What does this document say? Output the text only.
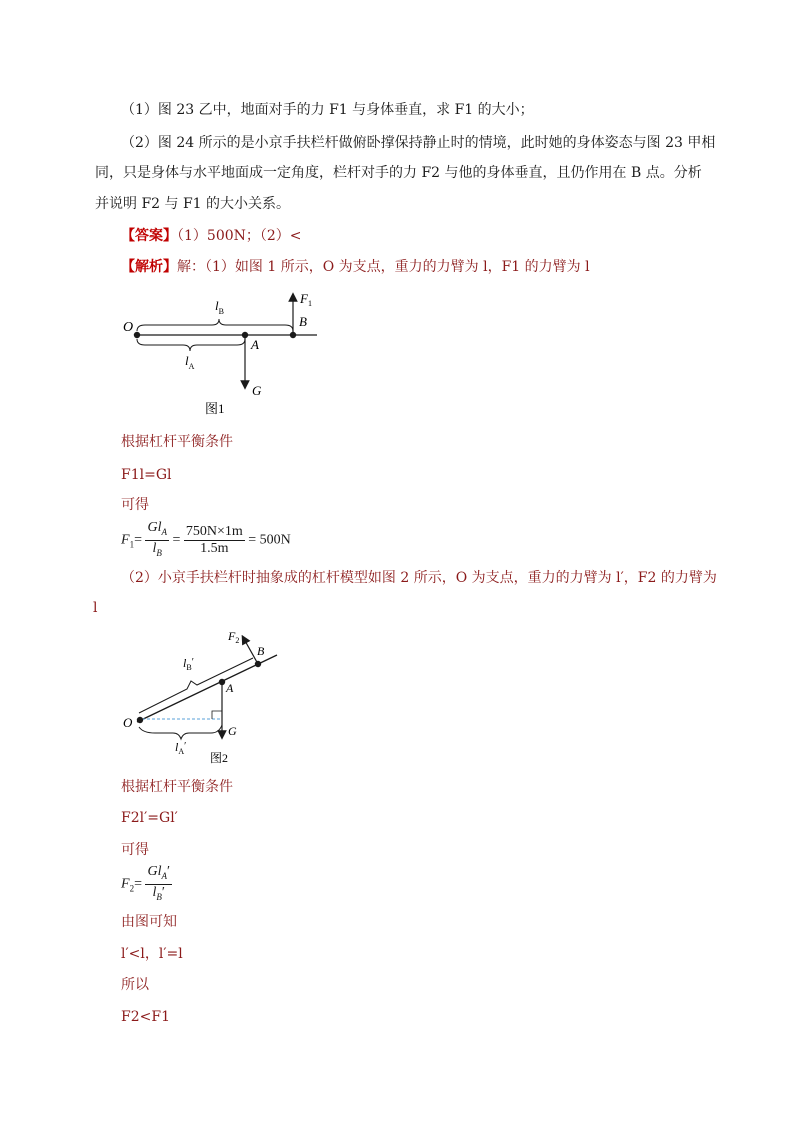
（1）图 23 乙中，地面对手的力 F1 与身体垂直，求 F1 的大小；
（2）图 24 所示的是小京手扶栏杆做俯卧撑保持静止时的情境，此时她的身体姿态与图 23 甲相
同，只是身体与水平地面成一定角度，栏杆对手的力 F2 与他的身体垂直，且仍作用在 B 点。分析
并说明 F2 与 F1 的大小关系。
【答案】（1）500N；（2）<
【解析】解：（1）如图 1 所示，O 为支点，重力的力臂为 l，F1 的力臂为 l
O
A
B
G
$F_1$
$l_B$
$l_A$
图1
根据杠杆平衡条件
F1l=Gl
可得
$F_1= \frac{Gl_A}{l_B} = \frac{750N\times 1m}{1.5m} = 500N$
（2）小京手扶栏杆时抽象成的杠杆模型如图 2 所示，O 为支点，重力的力臂为 l′，F2 的力臂为
l
O
A
B
G
$F_2$
$l_B'$
$l_A'$
图2
根据杠杆平衡条件
F2l′=Gl′
可得
$F_2= \frac{Gl_A'}{l_B'}$
由图可知
l′<l，l′=l
所以
F2<F1
